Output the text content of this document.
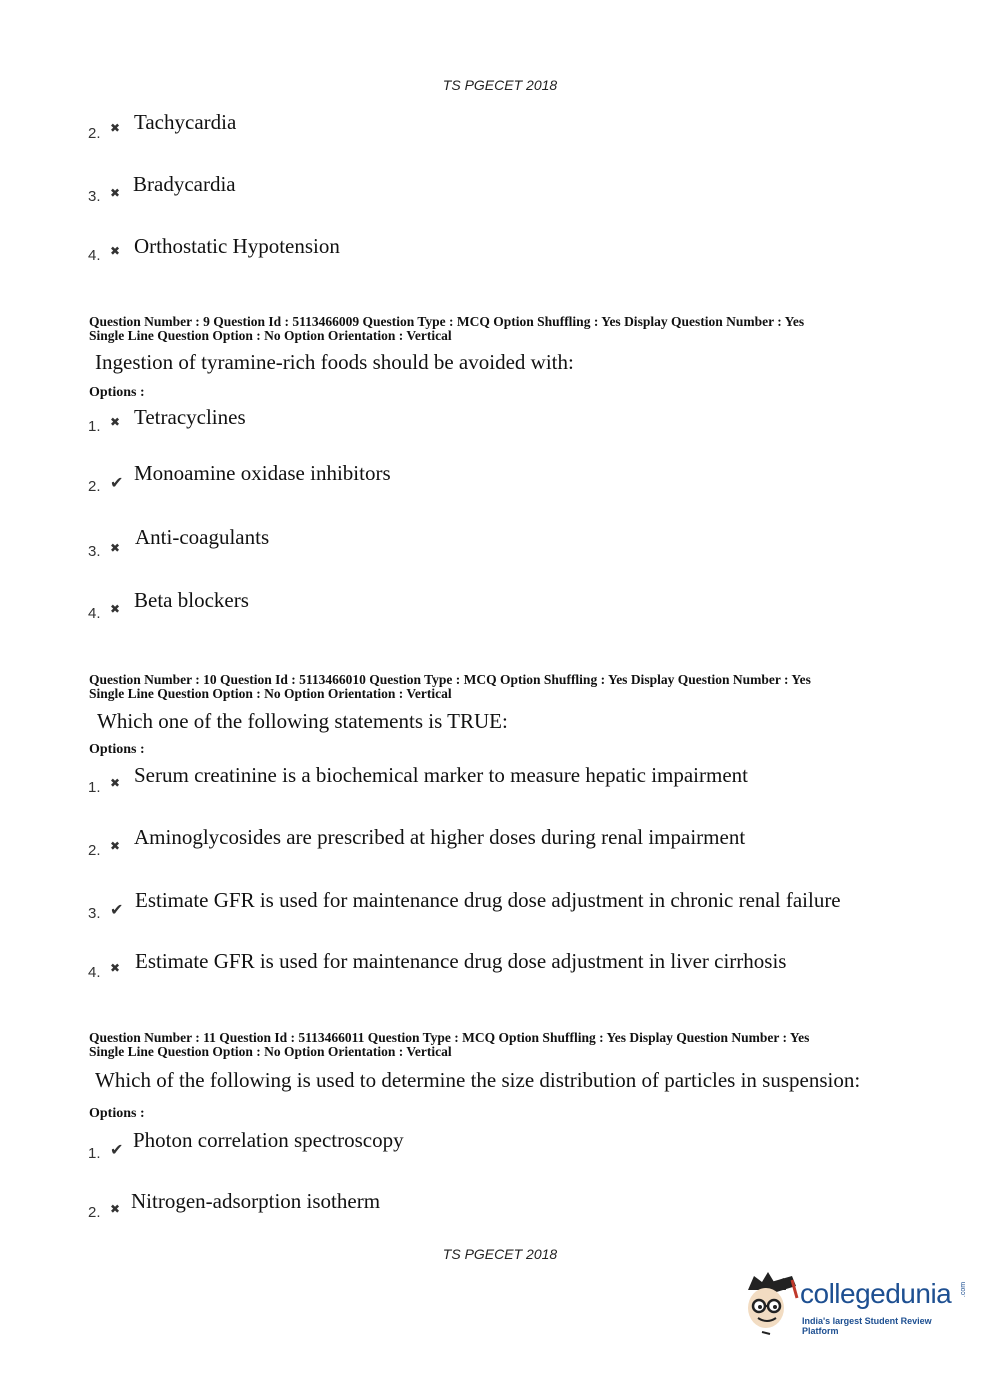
TS PGECET 2018
2. ✖ Tachycardia
3. ✖ Bradycardia
4. ✖ Orthostatic Hypotension
Question Number : 9 Question Id : 5113466009 Question Type : MCQ Option Shuffling : Yes Display Question Number : Yes
Single Line Question Option : No Option Orientation : Vertical
Ingestion of tyramine-rich foods should be avoided with:
Options :
1. ✖ Tetracyclines
2. ✔ Monoamine oxidase inhibitors
3. ✖ Anti-coagulants
4. ✖ Beta blockers
Question Number : 10 Question Id : 5113466010 Question Type : MCQ Option Shuffling : Yes Display Question Number : Yes
Single Line Question Option : No Option Orientation : Vertical
Which one of the following statements is TRUE:
Options :
1. ✖ Serum creatinine is a biochemical marker to measure hepatic impairment
2. ✖ Aminoglycosides are prescribed at higher doses during renal impairment
3. ✔ Estimate GFR is used for maintenance drug dose adjustment in chronic renal failure
4. ✖ Estimate GFR is used for maintenance drug dose adjustment in liver cirrhosis
Question Number : 11 Question Id : 5113466011 Question Type : MCQ Option Shuffling : Yes Display Question Number : Yes
Single Line Question Option : No Option Orientation : Vertical
Which of the following is used to determine the size distribution of particles in suspension:
Options :
1. ✔ Photon correlation spectroscopy
2. ✖ Nitrogen-adsorption isotherm
TS PGECET 2018
collegedunia .com
India's largest Student Review Platform
